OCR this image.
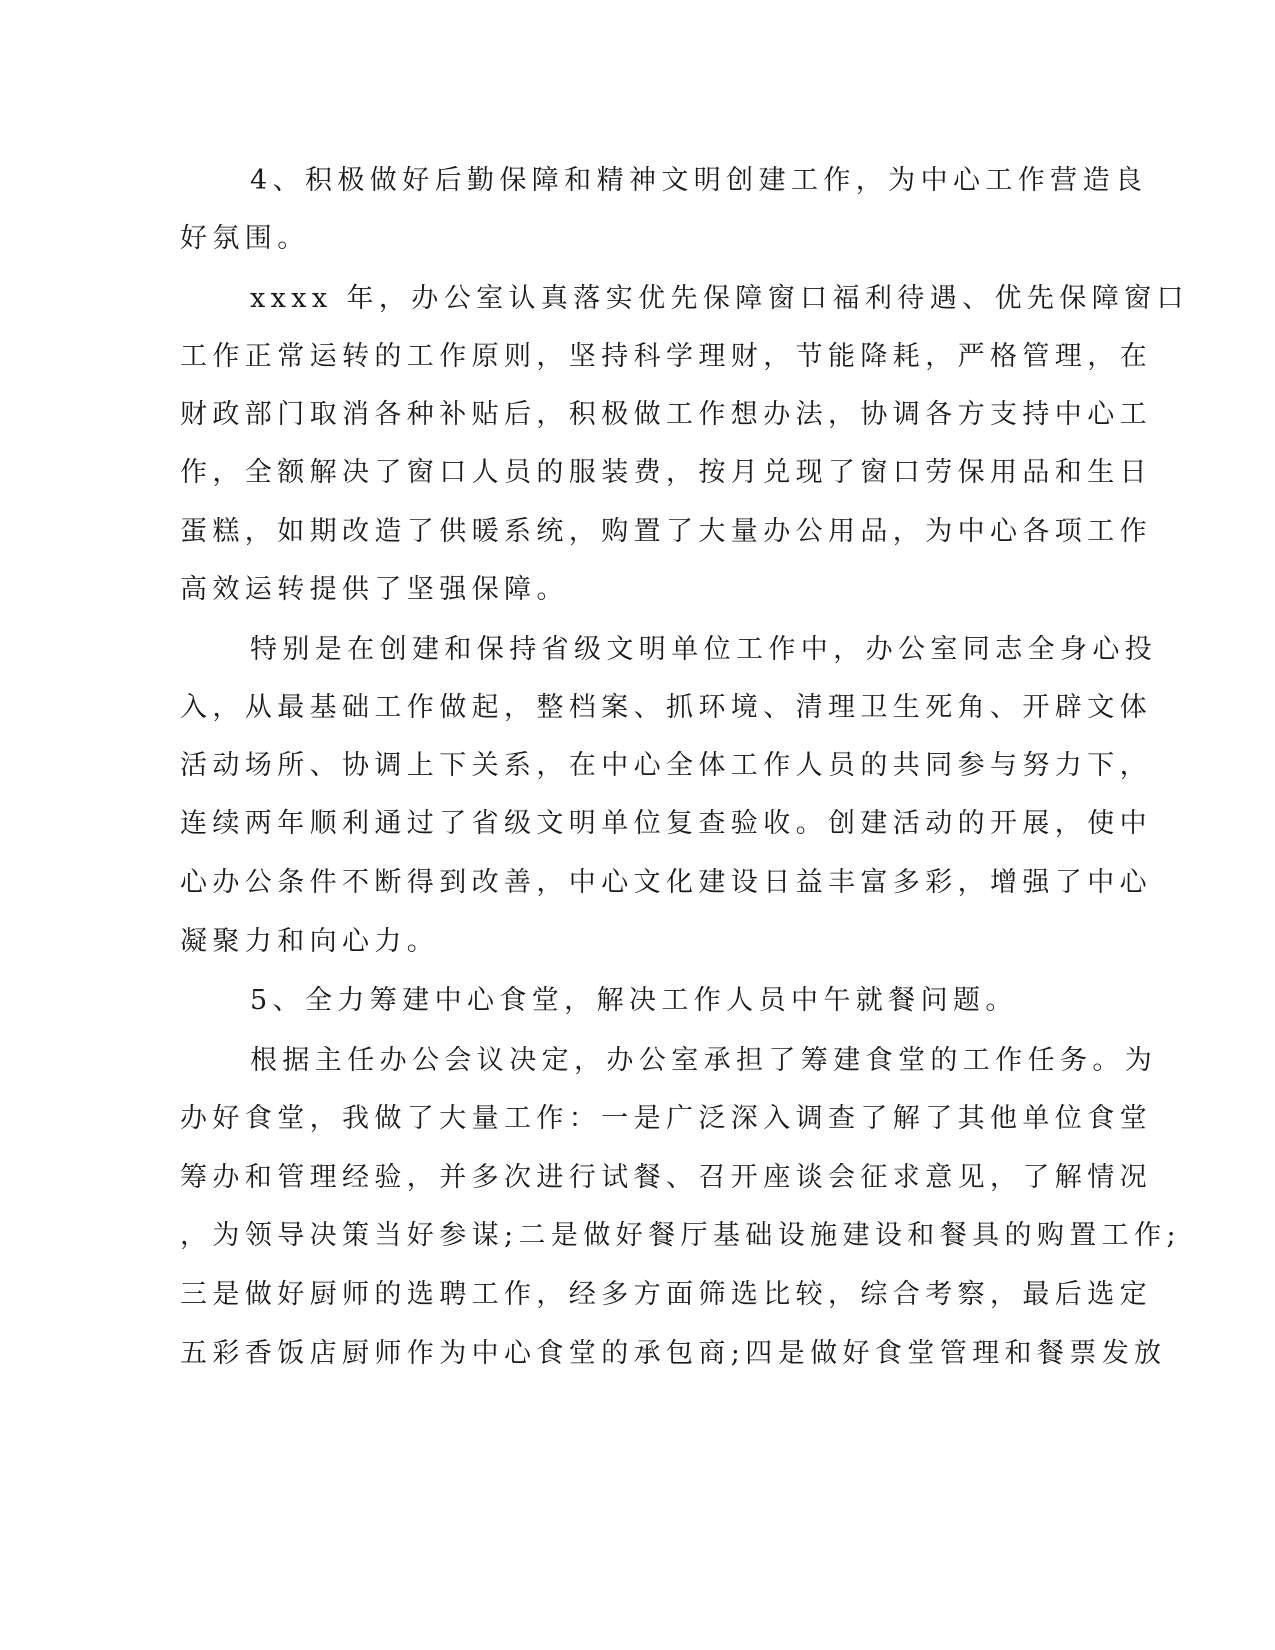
4、积极做好后勤保障和精神文明创建工作，为中心工作营造良
好氛围。
xxxx 年，办公室认真落实优先保障窗口福利待遇、优先保障窗口
工作正常运转的工作原则，坚持科学理财，节能降耗，严格管理，在
财政部门取消各种补贴后，积极做工作想办法，协调各方支持中心工
作，全额解决了窗口人员的服装费，按月兑现了窗口劳保用品和生日
蛋糕，如期改造了供暖系统，购置了大量办公用品，为中心各项工作
高效运转提供了坚强保障。
特别是在创建和保持省级文明单位工作中，办公室同志全身心投
入，从最基础工作做起，整档案、抓环境、清理卫生死角、开辟文体
活动场所、协调上下关系，在中心全体工作人员的共同参与努力下，
连续两年顺利通过了省级文明单位复查验收。创建活动的开展，使中
心办公条件不断得到改善，中心文化建设日益丰富多彩，增强了中心
凝聚力和向心力。
5、全力筹建中心食堂，解决工作人员中午就餐问题。
根据主任办公会议决定，办公室承担了筹建食堂的工作任务。为
办好食堂，我做了大量工作：一是广泛深入调查了解了其他单位食堂
筹办和管理经验，并多次进行试餐、召开座谈会征求意见，了解情况
，为领导决策当好参谋;二是做好餐厅基础设施建设和餐具的购置工作;
三是做好厨师的选聘工作，经多方面筛选比较，综合考察，最后选定
五彩香饭店厨师作为中心食堂的承包商;四是做好食堂管理和餐票发放
